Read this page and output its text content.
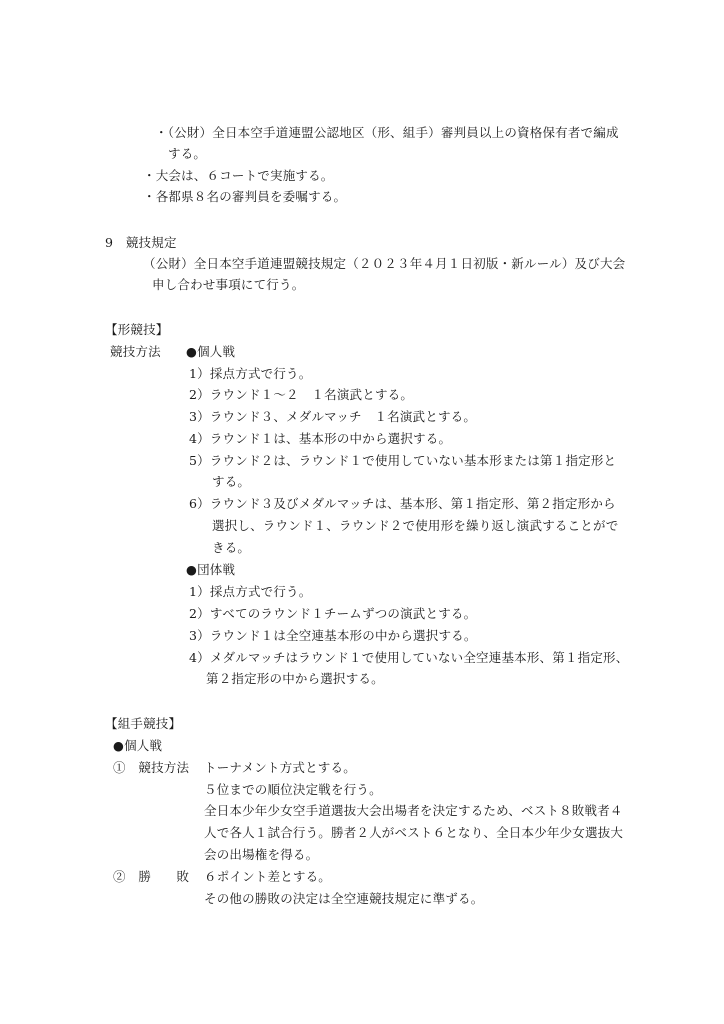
・（公財）全日本空手道連盟公認地区（形、組手）審判員以上の資格保有者で編成
する。
・大会は、６コートで実施する。
・各都県８名の審判員を委嘱する。
9　競技規定
（公財）全日本空手道連盟競技規定（２０２３年４月１日初版・新ルール）及び大会
申し合わせ事項にて行う。
【形競技】
競技方法 ●個人戦
1）採点方式で行う。
2）ラウンド１～２　１名演武とする。
3）ラウンド３、メダルマッチ　１名演武とする。
4）ラウンド１は、基本形の中から選択する。
5）ラウンド２は、ラウンド１で使用していない基本形または第１指定形と
する。
6）ラウンド３及びメダルマッチは、基本形、第１指定形、第２指定形から
選択し、ラウンド１、ラウンド２で使用形を繰り返し演武することがで
きる。
●団体戦
1）採点方式で行う。
2）すべてのラウンド１チームずつの演武とする。
3）ラウンド１は全空連基本形の中から選択する。
4）メダルマッチはラウンド１で使用していない全空連基本形、第１指定形、
第２指定形の中から選択する。
【組手競技】
●個人戦
①　競技方法 トーナメント方式とする。
５位までの順位決定戦を行う。
全日本少年少女空手道選抜大会出場者を決定するため、ベスト８敗戦者４
人で各人１試合行う。勝者２人がベスト６となり、全日本少年少女選抜大
会の出場権を得る。
②　勝　　敗 ６ポイント差とする。
その他の勝敗の決定は全空連競技規定に準ずる。
